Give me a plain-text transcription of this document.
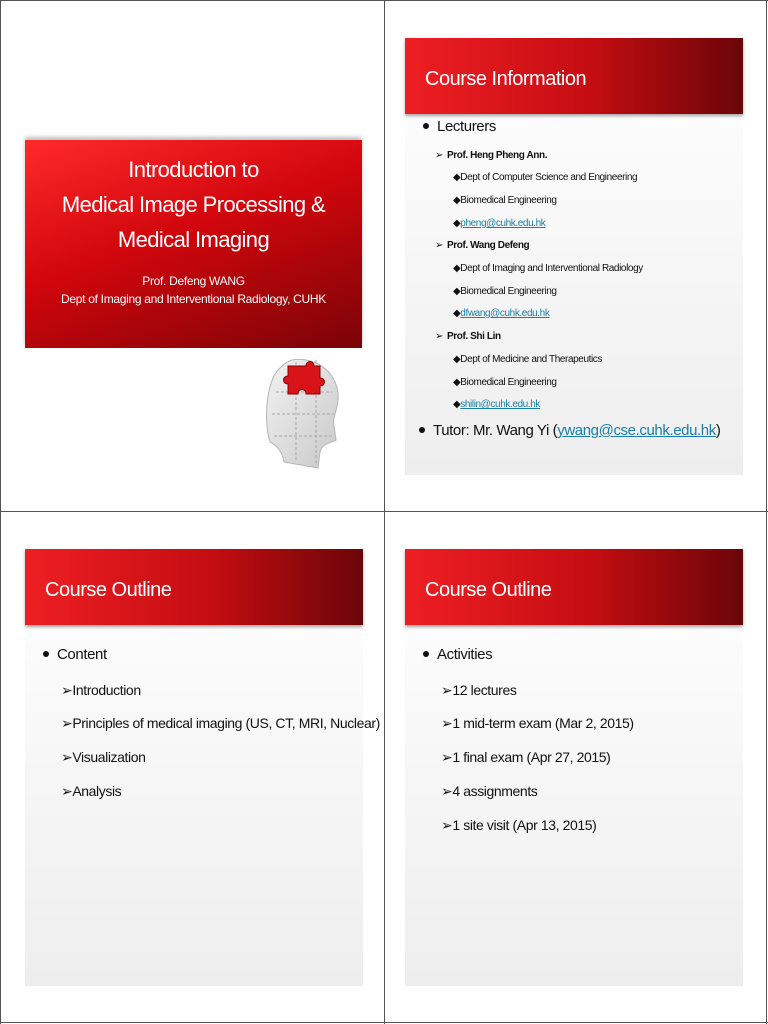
Introduction to
Medical Image Processing &
Medical Imaging
Prof. Defeng WANG
Dept of Imaging and Interventional Radiology, CUHK
Course Information
Lecturers
➢ Prof. Heng Pheng Ann.
◆Dept of Computer Science and Engineering
◆Biomedical Engineering
◆pheng@cuhk.edu.hk
➢ Prof. Wang Defeng
◆Dept of Imaging and Interventional Radiology
◆Biomedical Engineering
◆dfwang@cuhk.edu.hk
➢ Prof. Shi Lin
◆Dept of Medicine and Therapeutics
◆Biomedical Engineering
◆shilin@cuhk.edu.hk
Tutor: Mr. Wang Yi (ywang@cse.cuhk.edu.hk)
Course Outline
Content
➢Introduction
➢Principles of medical imaging (US, CT, MRI, Nuclear)
➢Visualization
➢Analysis
Course Outline
Activities
➢12 lectures
➢1 mid-term exam (Mar 2, 2015)
➢1 final exam (Apr 27, 2015)
➢4 assignments
➢1 site visit (Apr 13, 2015)
